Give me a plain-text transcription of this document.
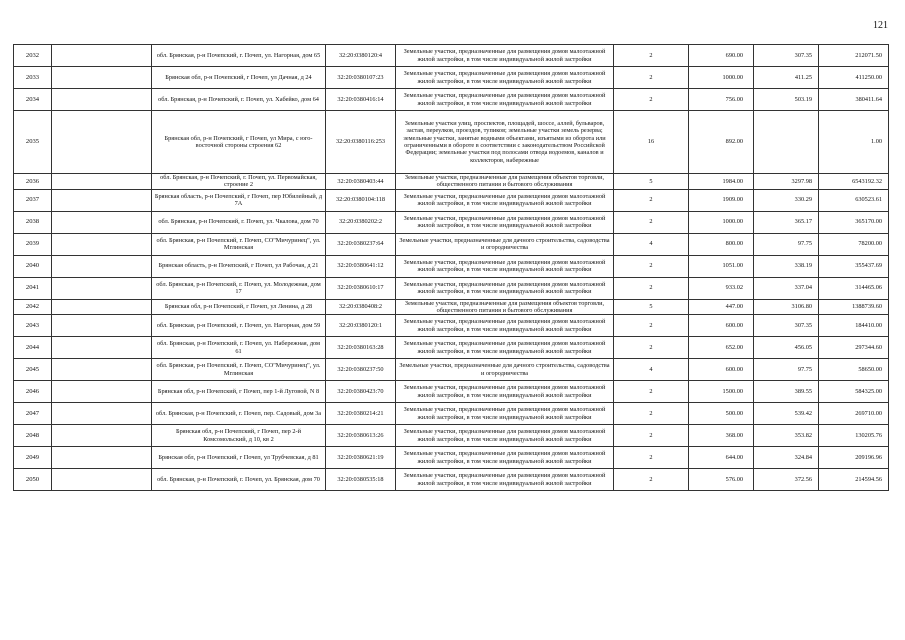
121
2032		обл. Брянская, р-н Почепский, г. Почеп, ул. Нагорная, дом 65	32:20:0380120:4	Земельные участки, предназначенные для размещения домов малоэтажной жилой застройки, в том числе индивидуальной жилой застройки	2	690.00	307.35	212071.50
2033		Брянская обл, р-н Почепский, г Почеп, ул Дачная, д 24	32:20:0380107:23	Земельные участки, предназначенные для размещения домов малоэтажной жилой застройки, в том числе индивидуальной жилой застройки	2	1000.00	411.25	411250.00
2034		обл. Брянская, р-н Почепский, г. Почеп, ул. Хабейко, дом 64	32:20:0380416:14	Земельные участки, предназначенные для размещения домов малоэтажной жилой застройки, в том числе индивидуальной жилой застройки	2	756.00	503.19	380411.64
2035		Брянская обл, р-н Почепский, г Почеп, ул Мира, с юго-восточной стороны строения 62	32:20:0380116:253	Земельные участки улиц, проспектов, площадей, шоссе, аллей, бульваров, застав, переулков, проездов, тупиков; земельные участки земель резерва; земельные участки, занятые водными объектами, изъятыми из оборота или ограниченными в обороте в соответствии с законодательством Российской Федерации; земельные участки под полосами отвода водоемов, каналов и коллекторов, набережные	16	892.00		1.00
2036		обл. Брянская, р-н Почепский, г. Почеп, ул. Первомайская, строение 2	32:20:0380403:44	Земельные участки, предназначенные для размещения объектов торговли, общественного питания и бытового обслуживания	5	1984.00	3297.98	6543192.32
2037		Брянская область, р-н Почепский, г Почеп, пер Юбилейный, д 7А	32:20:0380104:118	Земельные участки, предназначенные для размещения домов малоэтажной жилой застройки, в том числе индивидуальной жилой застройки	2	1909.00	330.29	630523.61
2038		обл. Брянская, р-н Почепский, г. Почеп, ул. Чкалова, дом 70	32:20:0380202:2	Земельные участки, предназначенные для размещения домов малоэтажной жилой застройки, в том числе индивидуальной жилой застройки	2	1000.00	365.17	365170.00
2039		обл. Брянская, р-н Почепский, г. Почеп, СО"Мичуринец", ул. Мглинская	32:20:0380237:64	Земельные участки, предназначенные для дачного строительства, садоводства и огородничества	4	800.00	97.75	78200.00
2040		Брянская область, р-н Почепский, г Почеп, ул Рабочая, д 21	32:20:0380641:12	Земельные участки, предназначенные для размещения домов малоэтажной жилой застройки, в том числе индивидуальной жилой застройки	2	1051.00	338.19	355437.69
2041		обл. Брянская, р-н Почепский, г. Почеп, ул. Молодежная, дом 17	32:20:0380610:17	Земельные участки, предназначенные для размещения домов малоэтажной жилой застройки, в том числе индивидуальной жилой застройки	2	933.02	337.04	314465.06
2042		Брянская обл, р-н Почепский, г Почеп, ул Ленина, д 28	32:20:0380408:2	Земельные участки, предназначенные для размещения объектов торговли, общественного питания и бытового обслуживания	5	447.00	3106.80	1388739.60
2043		обл. Брянская, р-н Почепский, г. Почеп, ул. Нагорная, дом 59	32:20:0380120:1	Земельные участки, предназначенные для размещения домов малоэтажной жилой застройки, в том числе индивидуальной жилой застройки	2	600.00	307.35	184410.00
2044		обл. Брянская, р-н Почепский, г. Почеп, ул. Набережная, дом 61	32:20:0380163:28	Земельные участки, предназначенные для размещения домов малоэтажной жилой застройки, в том числе индивидуальной жилой застройки	2	652.00	456.05	297344.60
2045		обл. Брянская, р-н Почепский, г. Почеп, СО"Мичуринец", ул. Мглинская	32:20:0380237:50	Земельные участки, предназначенные для дачного строительства, садоводства и огородничества	4	600.00	97.75	58650.00
2046		Брянская обл, р-н Почепский, г Почеп, пер 1-й Луговой, N 8	32:20:0380423:70	Земельные участки, предназначенные для размещения домов малоэтажной жилой застройки, в том числе индивидуальной жилой застройки	2	1500.00	389.55	584325.00
2047		обл. Брянская, р-н Почепский, г. Почеп, пер. Садовый, дом 3а	32:20:0380214:21	Земельные участки, предназначенные для размещения домов малоэтажной жилой застройки, в том числе индивидуальной жилой застройки	2	500.00	539.42	269710.00
2048		Брянская обл, р-н Почепский, г Почеп, пер 2-й Комсомольский, д 10, кв 2	32:20:0380613:26	Земельные участки, предназначенные для размещения домов малоэтажной жилой застройки, в том числе индивидуальной жилой застройки	2	368.00	353.82	130205.76
2049		Брянская обл, р-н Почепский, г Почеп, ул Трубчевская, д 81	32:20:0380621:19	Земельные участки, предназначенные для размещения домов малоэтажной жилой застройки, в том числе индивидуальной жилой застройки	2	644.00	324.84	209196.96
2050		обл. Брянская, р-н Почепский, г. Почеп, ул. Брянская, дом 70	32:20:0380535:18	Земельные участки, предназначенные для размещения домов малоэтажной жилой застройки, в том числе индивидуальной жилой застройки	2	576.00	372.56	214594.56
